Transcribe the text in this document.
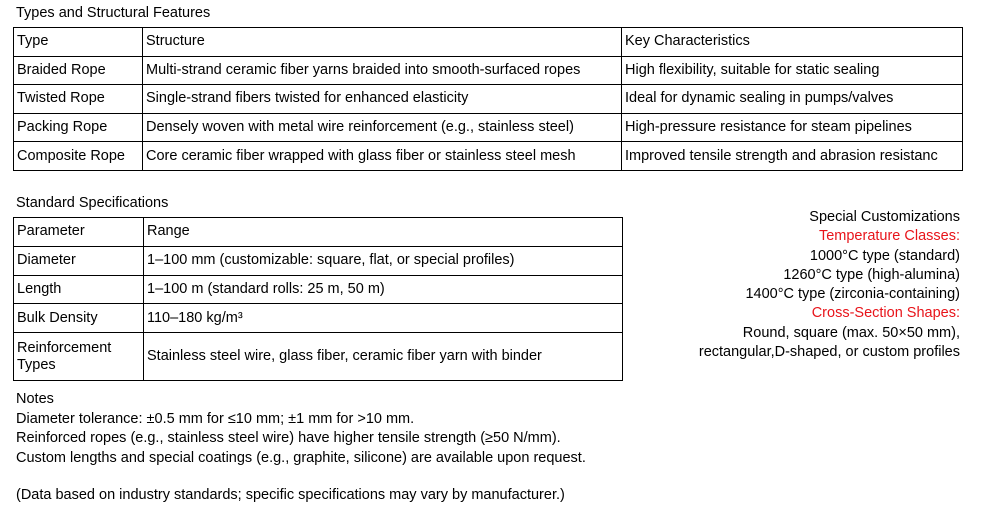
Types and Structural Features
Type	Structure	Key Characteristics
Braided Rope	Multi-strand ceramic fiber yarns braided into smooth-surfaced ropes	High flexibility, suitable for static sealing
Twisted Rope	Single-strand fibers twisted for enhanced elasticity	Ideal for dynamic sealing in pumps/valves
Packing Rope	Densely woven with metal wire reinforcement (e.g., stainless steel)	High-pressure resistance for steam pipelines
Composite Rope	Core ceramic fiber wrapped with glass fiber or stainless steel mesh	Improved tensile strength and abrasion resistanc
Standard Specifications
Parameter	Range
Diameter	1–100 mm (customizable: square, flat, or special profiles)
Length	1–100 m (standard rolls: 25 m, 50 m)
Bulk Density	110–180 kg/m³
Reinforcement Types	Stainless steel wire, glass fiber, ceramic fiber yarn with binder
Special Customizations
Temperature Classes:
1000°C type (standard)
1260°C type (high-alumina)
1400°C type (zirconia-containing)
Cross-Section Shapes:
Round, square (max. 50×50 mm),
rectangular,D-shaped, or custom profiles
Notes
Diameter tolerance: ±0.5 mm for ≤10 mm; ±1 mm for >10 mm.
Reinforced ropes (e.g., stainless steel wire) have higher tensile strength (≥50 N/mm).
Custom lengths and special coatings (e.g., graphite, silicone) are available upon request.
(Data based on industry standards; specific specifications may vary by manufacturer.)
